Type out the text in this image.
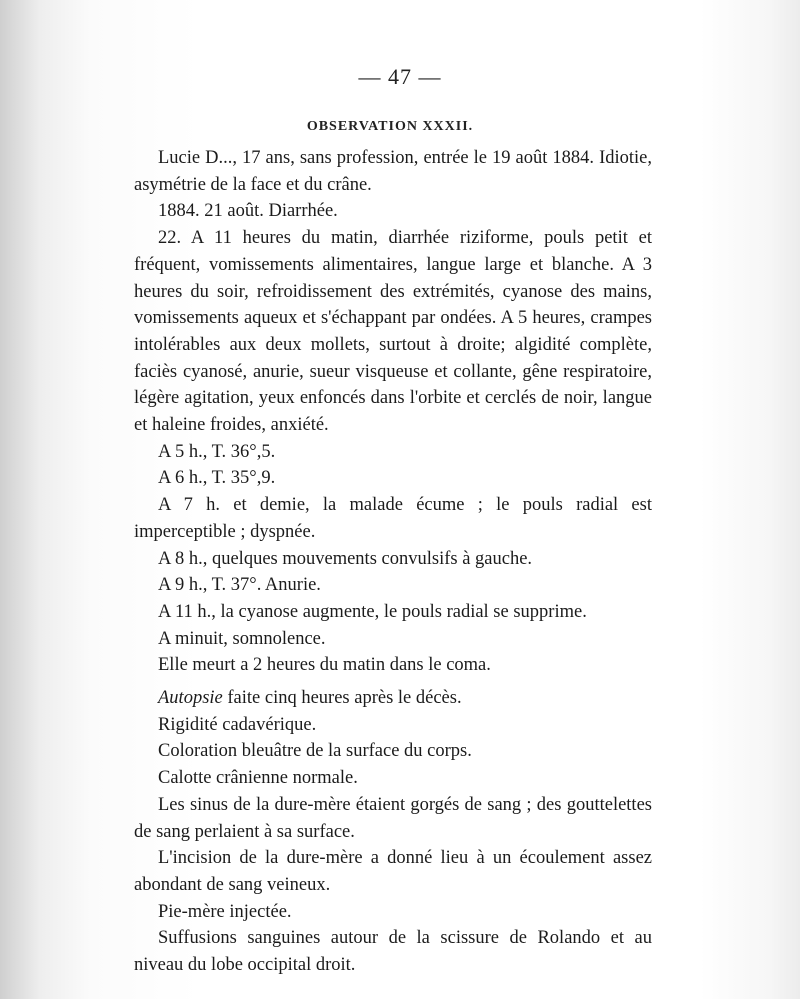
— 47 —
OBSERVATION XXXII.

Lucie D..., 17 ans, sans profession, entrée le 19 août 1884. Idiotie, asymétrie de la face et du crâne.

1884. 21 août. Diarrhée.

22. A 11 heures du matin, diarrhée riziforme, pouls petit et fréquent, vomissements alimentaires, langue large et blanche. A 3 heures du soir, refroidissement des extrémités, cyanose des mains, vomissements aqueux et s'échappant par ondées. A 5 heures, crampes intolérables aux deux mollets, surtout à droite; algidité complète, faciès cyanosé, anurie, sueur visqueuse et collante, gêne respiratoire, légère agitation, yeux enfoncés dans l'orbite et cerclés de noir, langue et haleine froides, anxiété.

A 5 h., T. 36°,5.

A 6 h., T. 35°,9.

A 7 h. et demie, la malade écume ; le pouls radial est imperceptible ; dyspnée.

A 8 h., quelques mouvements convulsifs à gauche.

A 9 h., T. 37°. Anurie.

A 11 h., la cyanose augmente, le pouls radial se supprime.

A minuit, somnolence.

Elle meurt a 2 heures du matin dans le coma.

Autopsie faite cinq heures après le décès.

Rigidité cadavérique.

Coloration bleuâtre de la surface du corps.

Calotte crânienne normale.

Les sinus de la dure-mère étaient gorgés de sang ; des gouttelettes de sang perlaient à sa surface.

L'incision de la dure-mère a donné lieu à un écoulement assez abondant de sang veineux.

Pie-mère injectée.

Suffusions sanguines autour de la scissure de Rolando et au niveau du lobe occipital droit.
